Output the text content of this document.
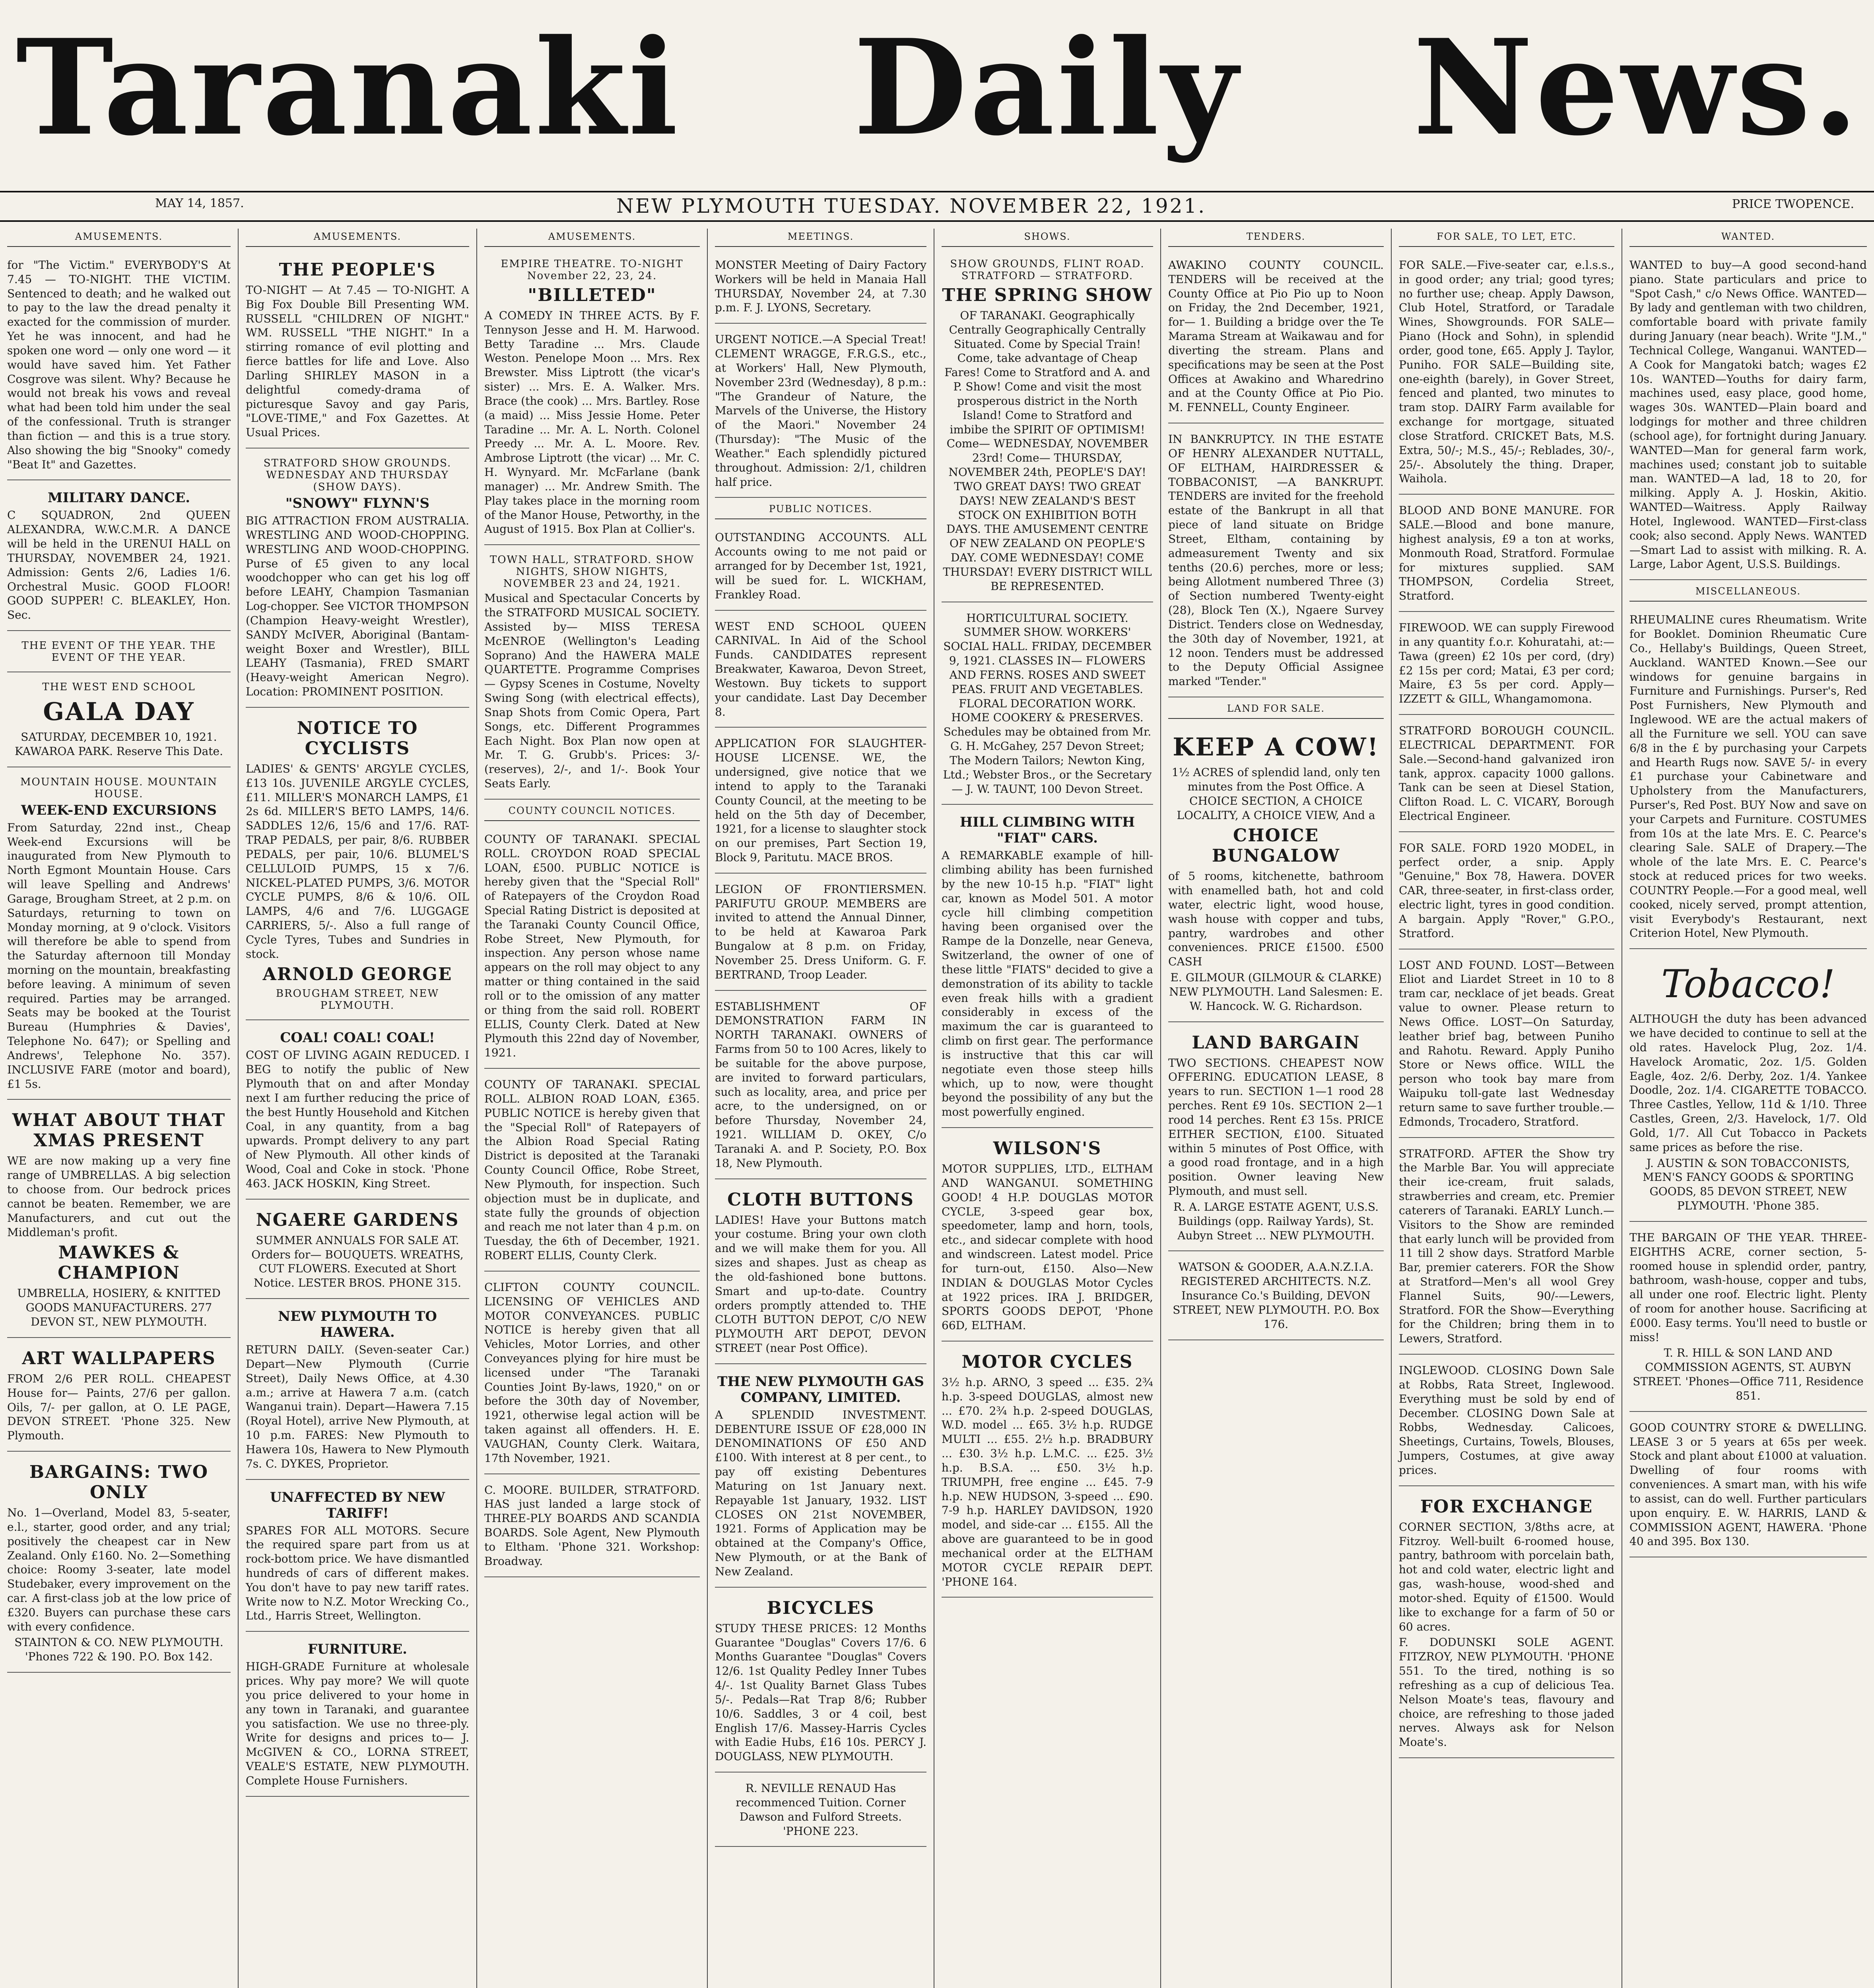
Taranaki Daily News.
MAY 14, 1857.	NEW PLYMOUTH TUESDAY. NOVEMBER 22, 1921.	PRICE TWOPENCE.
AMUSEMENTS.

for "The Victim." EVERYBODY'S At 7.45 — TO-NIGHT. THE VICTIM. Sentenced to death; and he walked out to pay to the law the dread penalty it exacted for the commission of murder. Yet he was innocent, and had he spoken one word — only one word — it would have saved him. Yet Father Cosgrove was silent. Why? Because he would not break his vows and reveal what had been told him under the seal of the confessional. Truth is stranger than fiction — and this is a true story. Also showing the big "Snooky" comedy "Beat It" and Gazettes.

MILITARY DANCE.

C SQUADRON, 2nd QUEEN ALEXANDRA, W.W.C.M.R. A DANCE will be held in the URENUI HALL on THURSDAY, NOVEMBER 24, 1921. Admission: Gents 2/6, Ladies 1/6. Orchestral Music. GOOD FLOOR! GOOD SUPPER! C. BLEAKLEY, Hon. Sec.

THE EVENT OF THE YEAR. THE EVENT OF THE YEAR.

THE WEST END SCHOOL

GALA DAY

SATURDAY, DECEMBER 10, 1921. KAWAROA PARK. Reserve This Date.

MOUNTAIN HOUSE. MOUNTAIN HOUSE.

WEEK-END EXCURSIONS

From Saturday, 22nd inst., Cheap Week-end Excursions will be inaugurated from New Plymouth to North Egmont Mountain House. Cars will leave Spelling and Andrews' Garage, Brougham Street, at 2 p.m. on Saturdays, returning to town on Monday morning, at 9 o'clock. Visitors will therefore be able to spend from the Saturday afternoon till Monday morning on the mountain, breakfasting before leaving. A minimum of seven required. Parties may be arranged. Seats may be booked at the Tourist Bureau (Humphries & Davies', Telephone No. 647); or Spelling and Andrews', Telephone No. 357). INCLUSIVE FARE (motor and board), £1 5s.

WHAT ABOUT THAT XMAS PRESENT

WE are now making up a very fine range of UMBRELLAS. A big selection to choose from. Our bedrock prices cannot be beaten. Remember, we are Manufacturers, and cut out the Middleman's profit.

MAWKES & CHAMPION

UMBRELLA, HOSIERY, & KNITTED GOODS MANUFACTURERS. 277 DEVON ST., NEW PLYMOUTH.

ART WALLPAPERS

FROM 2/6 PER ROLL. CHEAPEST House for— Paints, 27/6 per gallon. Oils, 7/- per gallon, at O. LE PAGE, DEVON STREET. 'Phone 325. New Plymouth.

BARGAINS: TWO ONLY

No. 1—Overland, Model 83, 5-seater, e.l., starter, good order, and any trial; positively the cheapest car in New Zealand. Only £160. No. 2—Something choice: Roomy 3-seater, late model Studebaker, every improvement on the car. A first-class job at the low price of £320. Buyers can purchase these cars with every confidence.

STAINTON & CO. NEW PLYMOUTH. 'Phones 722 & 190. P.O. Box 142.

AMUSEMENTS.
THE PEOPLE'S

TO-NIGHT — At 7.45 — TO-NIGHT. A Big Fox Double Bill Presenting WM. RUSSELL "CHILDREN OF NIGHT." WM. RUSSELL "THE NIGHT." In a stirring romance of evil plotting and fierce battles for life and Love. Also Darling SHIRLEY MASON in a delightful comedy-drama of picturesque Savoy and gay Paris, "LOVE-TIME," and Fox Gazettes. At Usual Prices.

STRATFORD SHOW GROUNDS. WEDNESDAY AND THURSDAY (SHOW DAYS).

"SNOWY" FLYNN'S

BIG ATTRACTION FROM AUSTRALIA. WRESTLING AND WOOD-CHOPPING. WRESTLING AND WOOD-CHOPPING. Purse of £5 given to any local woodchopper who can get his log off before LEAHY, Champion Tasmanian Log-chopper. See VICTOR THOMPSON (Champion Heavy-weight Wrestler), SANDY McIVER, Aboriginal (Bantam-weight Boxer and Wrestler), BILL LEAHY (Tasmania), FRED SMART (Heavy-weight American Negro). Location: PROMINENT POSITION.

NOTICE TO CYCLISTS

LADIES' & GENTS' ARGYLE CYCLES, £13 10s. JUVENILE ARGYLE CYCLES, £11. MILLER'S MONARCH LAMPS, £1 2s 6d. MILLER'S BETO LAMPS, 14/6. SADDLES 12/6, 15/6 and 17/6. RAT-TRAP PEDALS, per pair, 8/6. RUBBER PEDALS, per pair, 10/6. BLUMEL'S CELLULOID PUMPS, 15 x 7/6. NICKEL-PLATED PUMPS, 3/6. MOTOR CYCLE PUMPS, 8/6 & 10/6. OIL LAMPS, 4/6 and 7/6. LUGGAGE CARRIERS, 5/-. Also a full range of Cycle Tyres, Tubes and Sundries in stock.

ARNOLD GEORGE

BROUGHAM STREET, NEW PLYMOUTH.

COAL! COAL! COAL!

COST OF LIVING AGAIN REDUCED. I BEG to notify the public of New Plymouth that on and after Monday next I am further reducing the price of the best Huntly Household and Kitchen Coal, in any quantity, from a bag upwards. Prompt delivery to any part of New Plymouth. All other kinds of Wood, Coal and Coke in stock. 'Phone 463. JACK HOSKIN, King Street.

NGAERE GARDENS

SUMMER ANNUALS FOR SALE AT. Orders for— BOUQUETS. WREATHS, CUT FLOWERS. Executed at Short Notice. LESTER BROS. PHONE 315.

NEW PLYMOUTH TO HAWERA.

RETURN DAILY. (Seven-seater Car.) Depart—New Plymouth (Currie Street), Daily News Office, at 4.30 a.m.; arrive at Hawera 7 a.m. (catch Wanganui train). Depart—Hawera 7.15 (Royal Hotel), arrive New Plymouth, at 10 p.m. FARES: New Plymouth to Hawera 10s, Hawera to New Plymouth 7s. C. DYKES, Proprietor.

UNAFFECTED BY NEW TARIFF!

SPARES FOR ALL MOTORS. Secure the required spare part from us at rock-bottom price. We have dismantled hundreds of cars of different makes. You don't have to pay new tariff rates. Write now to N.Z. Motor Wrecking Co., Ltd., Harris Street, Wellington.

FURNITURE.

HIGH-GRADE Furniture at wholesale prices. Why pay more? We will quote you price delivered to your home in any town in Taranaki, and guarantee you satisfaction. We use no three-ply. Write for designs and prices to— J. McGIVEN & CO., LORNA STREET, VEALE'S ESTATE, NEW PLYMOUTH. Complete House Furnishers.

AMUSEMENTS.

EMPIRE THEATRE. TO-NIGHT November 22, 23, 24.

"BILLETED"

A COMEDY IN THREE ACTS. By F. Tennyson Jesse and H. M. Harwood. Betty Taradine ... Mrs. Claude Weston. Penelope Moon ... Mrs. Rex Brewster. Miss Liptrott (the vicar's sister) ... Mrs. E. A. Walker. Mrs. Brace (the cook) ... Mrs. Bartley. Rose (a maid) ... Miss Jessie Home. Peter Taradine ... Mr. A. L. North. Colonel Preedy ... Mr. A. L. Moore. Rev. Ambrose Liptrott (the vicar) ... Mr. C. H. Wynyard. Mr. McFarlane (bank manager) ... Mr. Andrew Smith. The Play takes place in the morning room of the Manor House, Petworthy, in the August of 1915. Box Plan at Collier's.

TOWN HALL, STRATFORD. SHOW NIGHTS, SHOW NIGHTS, NOVEMBER 23 and 24, 1921.

Musical and Spectacular Concerts by the STRATFORD MUSICAL SOCIETY. Assisted by— MISS TERESA McENROE (Wellington's Leading Soprano) And the HAWERA MALE QUARTETTE. Programme Comprises— Gypsy Scenes in Costume, Novelty Swing Song (with electrical effects), Snap Shots from Comic Opera, Part Songs, etc. Different Programmes Each Night. Box Plan now open at Mr. T. G. Grubb's. Prices: 3/- (reserves), 2/-, and 1/-. Book Your Seats Early.

COUNTY COUNCIL NOTICES.

COUNTY OF TARANAKI. SPECIAL ROLL. CROYDON ROAD SPECIAL LOAN, £500. PUBLIC NOTICE is hereby given that the "Special Roll" of Ratepayers of the Croydon Road Special Rating District is deposited at the Taranaki County Council Office, Robe Street, New Plymouth, for inspection. Any person whose name appears on the roll may object to any matter or thing contained in the said roll or to the omission of any matter or thing from the said roll. ROBERT ELLIS, County Clerk. Dated at New Plymouth this 22nd day of November, 1921.

COUNTY OF TARANAKI. SPECIAL ROLL. ALBION ROAD LOAN, £365. PUBLIC NOTICE is hereby given that the "Special Roll" of Ratepayers of the Albion Road Special Rating District is deposited at the Taranaki County Council Office, Robe Street, New Plymouth, for inspection. Such objection must be in duplicate, and state fully the grounds of objection and reach me not later than 4 p.m. on Tuesday, the 6th of December, 1921. ROBERT ELLIS, County Clerk.

CLIFTON COUNTY COUNCIL. LICENSING OF VEHICLES AND MOTOR CONVEYANCES. PUBLIC NOTICE is hereby given that all Vehicles, Motor Lorries, and other Conveyances plying for hire must be licensed under "The Taranaki Counties Joint By-laws, 1920," on or before the 30th day of November, 1921, otherwise legal action will be taken against all offenders. H. E. VAUGHAN, County Clerk. Waitara, 17th November, 1921.

C. MOORE. BUILDER, STRATFORD. HAS just landed a large stock of THREE-PLY BOARDS AND SCANDIA BOARDS. Sole Agent, New Plymouth to Eltham. 'Phone 321. Workshop: Broadway.

MEETINGS.

MONSTER Meeting of Dairy Factory Workers will be held in Manaia Hall THURSDAY, November 24, at 7.30 p.m. F. J. LYONS, Secretary.

URGENT NOTICE.—A Special Treat! CLEMENT WRAGGE, F.R.G.S., etc., at Workers' Hall, New Plymouth, November 23rd (Wednesday), 8 p.m.: "The Grandeur of Nature, the Marvels of the Universe, the History of the Maori." November 24 (Thursday): "The Music of the Weather." Each splendidly pictured throughout. Admission: 2/1, children half price.

PUBLIC NOTICES.

OUTSTANDING ACCOUNTS. ALL Accounts owing to me not paid or arranged for by December 1st, 1921, will be sued for. L. WICKHAM, Frankley Road.

WEST END SCHOOL QUEEN CARNIVAL. In Aid of the School Funds. CANDIDATES represent Breakwater, Kawaroa, Devon Street, Westown. Buy tickets to support your candidate. Last Day December 8.

APPLICATION FOR SLAUGHTER-HOUSE LICENSE. WE, the undersigned, give notice that we intend to apply to the Taranaki County Council, at the meeting to be held on the 5th day of December, 1921, for a license to slaughter stock on our premises, Part Section 19, Block 9, Paritutu. MACE BROS.

LEGION OF FRONTIERSMEN. PARIFUTU GROUP. MEMBERS are invited to attend the Annual Dinner, to be held at Kawaroa Park Bungalow at 8 p.m. on Friday, November 25. Dress Uniform. G. F. BERTRAND, Troop Leader.

ESTABLISHMENT OF DEMONSTRATION FARM IN NORTH TARANAKI. OWNERS of Farms from 50 to 100 Acres, likely to be suitable for the above purpose, are invited to forward particulars, such as locality, area, and price per acre, to the undersigned, on or before Thursday, November 24, 1921. WILLIAM D. OKEY, C/o Taranaki A. and P. Society, P.O. Box 18, New Plymouth.

CLOTH BUTTONS

LADIES! Have your Buttons match your costume. Bring your own cloth and we will make them for you. All sizes and shapes. Just as cheap as the old-fashioned bone buttons. Smart and up-to-date. Country orders promptly attended to. THE CLOTH BUTTON DEPOT, C/O NEW PLYMOUTH ART DEPOT, DEVON STREET (near Post Office).

THE NEW PLYMOUTH GAS COMPANY, LIMITED.

A SPLENDID INVESTMENT. DEBENTURE ISSUE OF £28,000 IN DENOMINATIONS OF £50 AND £100. With interest at 8 per cent., to pay off existing Debentures Maturing on 1st January next. Repayable 1st January, 1932. LIST CLOSES ON 21st NOVEMBER, 1921. Forms of Application may be obtained at the Company's Office, New Plymouth, or at the Bank of New Zealand.

BICYCLES

STUDY THESE PRICES: 12 Months Guarantee "Douglas" Covers 17/6. 6 Months Guarantee "Douglas" Covers 12/6. 1st Quality Pedley Inner Tubes 4/-. 1st Quality Barnet Glass Tubes 5/-. Pedals—Rat Trap 8/6; Rubber 10/6. Saddles, 3 or 4 coil, best English 17/6. Massey-Harris Cycles with Eadie Hubs, £16 10s. PERCY J. DOUGLASS, NEW PLYMOUTH.

R. NEVILLE RENAUD Has recommenced Tuition. Corner Dawson and Fulford Streets. 'PHONE 223.

SHOWS.

SHOW GROUNDS, FLINT ROAD. STRATFORD — STRATFORD.

THE SPRING SHOW

OF TARANAKI. Geographically Centrally Geographically Centrally Situated. Come by Special Train! Come, take advantage of Cheap Fares! Come to Stratford and A. and P. Show! Come and visit the most prosperous district in the North Island! Come to Stratford and imbibe the SPIRIT OF OPTIMISM! Come— WEDNESDAY, NOVEMBER 23rd! Come— THURSDAY, NOVEMBER 24th, PEOPLE'S DAY! TWO GREAT DAYS! TWO GREAT DAYS! NEW ZEALAND'S BEST STOCK ON EXHIBITION BOTH DAYS. THE AMUSEMENT CENTRE OF NEW ZEALAND ON PEOPLE'S DAY. COME WEDNESDAY! COME THURSDAY! EVERY DISTRICT WILL BE REPRESENTED.

HORTICULTURAL SOCIETY. SUMMER SHOW. WORKERS' SOCIAL HALL. FRIDAY, DECEMBER 9, 1921. CLASSES IN— FLOWERS AND FERNS. ROSES AND SWEET PEAS. FRUIT AND VEGETABLES. FLORAL DECORATION WORK. HOME COOKERY & PRESERVES. Schedules may be obtained from Mr. G. H. McGahey, 257 Devon Street; The Modern Tailors; Newton King, Ltd.; Webster Bros., or the Secretary— J. W. TAUNT, 100 Devon Street.

HILL CLIMBING WITH "FIAT" CARS.

A REMARKABLE example of hill-climbing ability has been furnished by the new 10-15 h.p. "FIAT" light car, known as Model 501. A motor cycle hill climbing competition having been organised over the Rampe de la Donzelle, near Geneva, Switzerland, the owner of one of these little "FIATS" decided to give a demonstration of its ability to tackle even freak hills with a gradient considerably in excess of the maximum the car is guaranteed to climb on first gear. The performance is instructive that this car will negotiate even those steep hills which, up to now, were thought beyond the possibility of any but the most powerfully engined.

WILSON'S

MOTOR SUPPLIES, LTD., ELTHAM AND WANGANUI. SOMETHING GOOD! 4 H.P. DOUGLAS MOTOR CYCLE, 3-speed gear box, speedometer, lamp and horn, tools, etc., and sidecar complete with hood and windscreen. Latest model. Price for turn-out, £150. Also—New INDIAN & DOUGLAS Motor Cycles at 1922 prices. IRA J. BRIDGER, SPORTS GOODS DEPOT, 'Phone 66D, ELTHAM.

MOTOR CYCLES

3½ h.p. ARNO, 3 speed ... £35. 2¾ h.p. 3-speed DOUGLAS, almost new ... £70. 2¾ h.p. 2-speed DOUGLAS, W.D. model ... £65. 3½ h.p. RUDGE MULTI ... £55. 2½ h.p. BRADBURY ... £30. 3½ h.p. L.M.C. ... £25. 3½ h.p. B.S.A. ... £50. 3½ h.p. TRIUMPH, free engine ... £45. 7-9 h.p. NEW HUDSON, 3-speed ... £90. 7-9 h.p. HARLEY DAVIDSON, 1920 model, and side-car ... £155. All the above are guaranteed to be in good mechanical order at the ELTHAM MOTOR CYCLE REPAIR DEPT. 'PHONE 164.

TENDERS.

AWAKINO COUNTY COUNCIL. TENDERS will be received at the County Office at Pio Pio up to Noon on Friday, the 2nd December, 1921, for— 1. Building a bridge over the Te Marama Stream at Waikawau and for diverting the stream. Plans and specifications may be seen at the Post Offices at Awakino and Wharedrino and at the County Office at Pio Pio. M. FENNELL, County Engineer.

IN BANKRUPTCY. IN THE ESTATE OF HENRY ALEXANDER NUTTALL, OF ELTHAM, HAIRDRESSER & TOBBACONIST, —A BANKRUPT. TENDERS are invited for the freehold estate of the Bankrupt in all that piece of land situate on Bridge Street, Eltham, containing by admeasurement Twenty and six tenths (20.6) perches, more or less; being Allotment numbered Three (3) of Section numbered Twenty-eight (28), Block Ten (X.), Ngaere Survey District. Tenders close on Wednesday, the 30th day of November, 1921, at 12 noon. Tenders must be addressed to the Deputy Official Assignee marked "Tender."

LAND FOR SALE.
KEEP A COW!

1½ ACRES of splendid land, only ten minutes from the Post Office. A CHOICE SECTION, A CHOICE LOCALITY, A CHOICE VIEW, And a

CHOICE BUNGALOW

of 5 rooms, kitchenette, bathroom with enamelled bath, hot and cold water, electric light, wood house, wash house with copper and tubs, pantry, wardrobes and other conveniences. PRICE £1500. £500 CASH

E. GILMOUR (GILMOUR & CLARKE) NEW PLYMOUTH. Land Salesmen: E. W. Hancock. W. G. Richardson.

LAND BARGAIN

TWO SECTIONS. CHEAPEST NOW OFFERING. EDUCATION LEASE, 8 years to run. SECTION 1—1 rood 28 perches. Rent £9 10s. SECTION 2—1 rood 14 perches. Rent £3 15s. PRICE EITHER SECTION, £100. Situated within 5 minutes of Post Office, with a good road frontage, and in a high position. Owner leaving New Plymouth, and must sell.

R. A. LARGE ESTATE AGENT, U.S.S. Buildings (opp. Railway Yards), St. Aubyn Street ... NEW PLYMOUTH.

WATSON & GOODER, A.A.N.Z.I.A. REGISTERED ARCHITECTS. N.Z. Insurance Co.'s Building, DEVON STREET, NEW PLYMOUTH. P.O. Box 176.

FOR SALE, TO LET, ETC.

FOR SALE.—Five-seater car, e.l.s.s., in good order; any trial; good tyres; no further use; cheap. Apply Dawson, Club Hotel, Stratford, or Taradale Wines, Showgrounds. FOR SALE—Piano (Hock and Sohn), in splendid order, good tone, £65. Apply J. Taylor, Puniho. FOR SALE—Building site, one-eighth (barely), in Gover Street, fenced and planted, two minutes to tram stop. DAIRY Farm available for exchange for mortgage, situated close Stratford. CRICKET Bats, M.S. Extra, 50/-; M.S., 45/-; Reblades, 30/-, 25/-. Absolutely the thing. Draper, Waihola.

BLOOD AND BONE MANURE. FOR SALE.—Blood and bone manure, highest analysis, £9 a ton at works, Monmouth Road, Stratford. Formulae for mixtures supplied. SAM THOMPSON, Cordelia Street, Stratford.

FIREWOOD. WE can supply Firewood in any quantity f.o.r. Kohuratahi, at:—Tawa (green) £2 10s per cord, (dry) £2 15s per cord; Matai, £3 per cord; Maire, £3 5s per cord. Apply— IZZETT & GILL, Whangamomona.

STRATFORD BOROUGH COUNCIL. ELECTRICAL DEPARTMENT. FOR Sale.—Second-hand galvanized iron tank, approx. capacity 1000 gallons. Tank can be seen at Diesel Station, Clifton Road. L. C. VICARY, Borough Electrical Engineer.

FOR SALE. FORD 1920 MODEL, in perfect order, a snip. Apply "Genuine," Box 78, Hawera. DOVER CAR, three-seater, in first-class order, electric light, tyres in good condition. A bargain. Apply "Rover," G.P.O., Stratford.

LOST AND FOUND. LOST—Between Eliot and Liardet Street in 10 to 8 tram car, necklace of jet beads. Great value to owner. Please return to News Office. LOST—On Saturday, leather brief bag, between Puniho and Rahotu. Reward. Apply Puniho Store or News office. WILL the person who took bay mare from Waipuku toll-gate last Wednesday return same to save further trouble.—Edmonds, Trocadero, Stratford.

STRATFORD. AFTER the Show try the Marble Bar. You will appreciate their ice-cream, fruit salads, strawberries and cream, etc. Premier caterers of Taranaki. EARLY Lunch.—Visitors to the Show are reminded that early lunch will be provided from 11 till 2 show days. Stratford Marble Bar, premier caterers. FOR the Show at Stratford—Men's all wool Grey Flannel Suits, 90/-—Lewers, Stratford. FOR the Show—Everything for the Children; bring them in to Lewers, Stratford.

INGLEWOOD. CLOSING Down Sale at Robbs, Rata Street, Inglewood. Everything must be sold by end of December. CLOSING Down Sale at Robbs, Wednesday. Calicoes, Sheetings, Curtains, Towels, Blouses, Jumpers, Costumes, at give away prices.

FOR EXCHANGE

CORNER SECTION, 3/8ths acre, at Fitzroy. Well-built 6-roomed house, pantry, bathroom with porcelain bath, hot and cold water, electric light and gas, wash-house, wood-shed and motor-shed. Equity of £1500. Would like to exchange for a farm of 50 or 60 acres.

F. DODUNSKI SOLE AGENT. FITZROY, NEW PLYMOUTH. 'PHONE 551. To the tired, nothing is so refreshing as a cup of delicious Tea. Nelson Moate's teas, flavoury and choice, are refreshing to those jaded nerves. Always ask for Nelson Moate's.

WANTED.

WANTED to buy—A good second-hand piano. State particulars and price to "Spot Cash," c/o News Office. WANTED—By lady and gentleman with two children, comfortable board with private family during January (near beach). Write "J.M.," Technical College, Wanganui. WANTED—A Cook for Mangatoki batch; wages £2 10s. WANTED—Youths for dairy farm, machines used, easy place, good home, wages 30s. WANTED—Plain board and lodgings for mother and three children (school age), for fortnight during January. WANTED—Man for general farm work, machines used; constant job to suitable man. WANTED—A lad, 18 to 20, for milking. Apply A. J. Hoskin, Akitio. WANTED—Waitress. Apply Railway Hotel, Inglewood. WANTED—First-class cook; also second. Apply News. WANTED—Smart Lad to assist with milking. R. A. Large, Labor Agent, U.S.S. Buildings.

MISCELLANEOUS.

RHEUMALINE cures Rheumatism. Write for Booklet. Dominion Rheumatic Cure Co., Hellaby's Buildings, Queen Street, Auckland. WANTED Known.—See our windows for genuine bargains in Furniture and Furnishings. Purser's, Red Post Furnishers, New Plymouth and Inglewood. WE are the actual makers of all the Furniture we sell. YOU can save 6/8 in the £ by purchasing your Carpets and Hearth Rugs now. SAVE 5/- in every £1 purchase your Cabinetware and Upholstery from the Manufacturers, Purser's, Red Post. BUY Now and save on your Carpets and Furniture. COSTUMES from 10s at the late Mrs. E. C. Pearce's clearing Sale. SALE of Drapery.—The whole of the late Mrs. E. C. Pearce's stock at reduced prices for two weeks. COUNTRY People.—For a good meal, well cooked, nicely served, prompt attention, visit Everybody's Restaurant, next Criterion Hotel, New Plymouth.

Tobacco!

ALTHOUGH the duty has been advanced we have decided to continue to sell at the old rates. Havelock Plug, 2oz. 1/4. Havelock Aromatic, 2oz. 1/5. Golden Eagle, 4oz. 2/6. Derby, 2oz. 1/4. Yankee Doodle, 2oz. 1/4. CIGARETTE TOBACCO. Three Castles, Yellow, 11d & 1/10. Three Castles, Green, 2/3. Havelock, 1/7. Old Gold, 1/7. All Cut Tobacco in Packets same prices as before the rise.

J. AUSTIN & SON TOBACCONISTS, MEN'S FANCY GOODS & SPORTING GOODS, 85 DEVON STREET, NEW PLYMOUTH. 'Phone 385.

THE BARGAIN OF THE YEAR. THREE-EIGHTHS ACRE, corner section, 5-roomed house in splendid order, pantry, bathroom, wash-house, copper and tubs, all under one roof. Electric light. Plenty of room for another house. Sacrificing at £000. Easy terms. You'll need to bustle or miss!

T. R. HILL & SON LAND AND COMMISSION AGENTS, ST. AUBYN STREET. 'Phones—Office 711, Residence 851.

GOOD COUNTRY STORE & DWELLING. LEASE 3 or 5 years at 65s per week. Stock and plant about £1000 at valuation. Dwelling of four rooms with conveniences. A smart man, with his wife to assist, can do well. Further particulars upon enquiry. E. W. HARRIS, LAND & COMMISSION AGENT, HAWERA. 'Phone 40 and 395. Box 130.
